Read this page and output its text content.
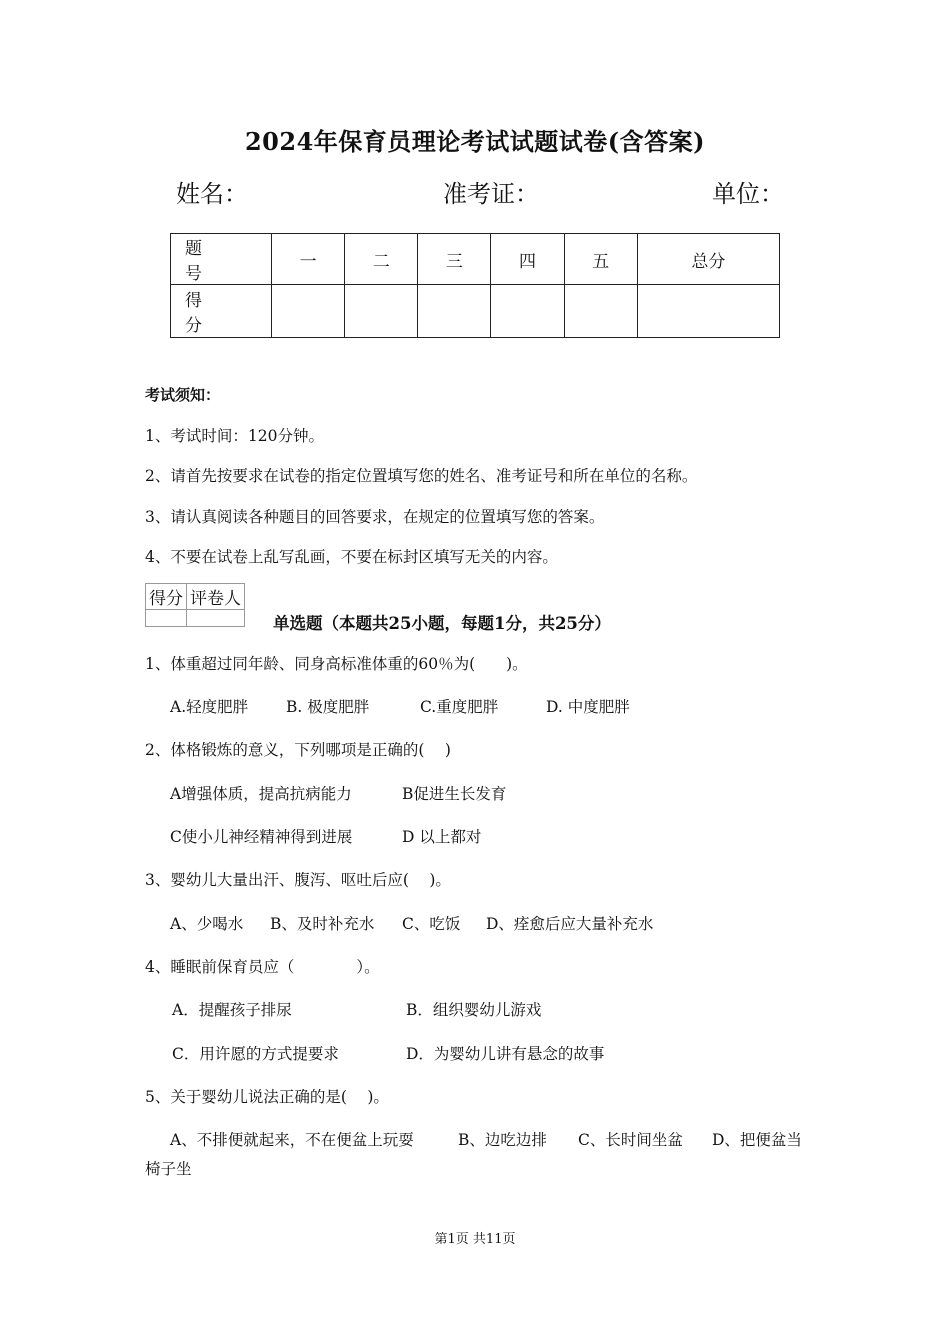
2024年保育员理论考试试题试卷(含答案)
姓名：	准考证：	单位：
题 号	一	二	三	四	五	总分
得 分						
考试须知：
1、考试时间：120分钟。
2、请首先按要求在试卷的指定位置填写您的姓名、准考证号和所在单位的名称。
3、请认真阅读各种题目的回答要求，在规定的位置填写您的答案。
4、不要在试卷上乱写乱画，不要在标封区填写无关的内容。
得分	评卷人

单选题（本题共25小题，每题1分，共25分）
1、体重超过同年龄、同身高标准体重的60％为(　　)。
A.轻度肥胖 B. 极度肥胖	C.重度肥胖	D. 中度肥胖
2、体格锻炼的意义，下列哪项是正确的(　 )
A增强体质，提高抗病能力	B促进生长发育
C使小儿神经精神得到进展	D 以上都对
3、婴幼儿大量出汗、腹泻、呕吐后应(　 )。
A、少喝水 B、及时补充水 C、吃饭 D、痊愈后应大量补充水
4、睡眠前保育员应（　　　　）。
A．提醒孩子排尿	B．组织婴幼儿游戏
C．用许愿的方式提要求	D．为婴幼儿讲有悬念的故事
5、关于婴幼儿说法正确的是(　 )。
A、不排便就起来，不在便盆上玩耍	B、边吃边排 C、长时间坐盆 D、把便盆当
椅子坐
第1页 共11页
